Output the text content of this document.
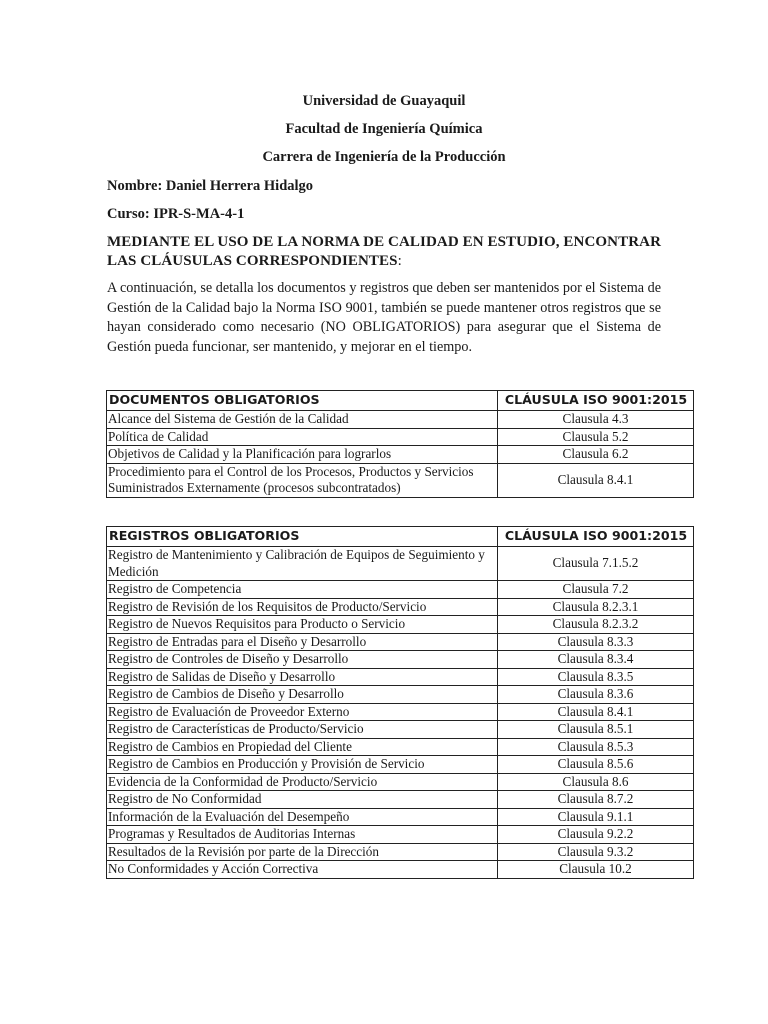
Universidad de Guayaquil
Facultad de Ingeniería Química
Carrera de Ingeniería de la Producción
Nombre: Daniel Herrera Hidalgo
Curso: IPR-S-MA-4-1
MEDIANTE EL USO DE LA NORMA DE CALIDAD EN ESTUDIO, ENCONTRAR LAS CLÁUSULAS CORRESPONDIENTES:
A continuación, se detalla los documentos y registros que deben ser mantenidos por el Sistema de Gestión de la Calidad bajo la Norma ISO 9001, también se puede mantener otros registros que se hayan considerado como necesario (NO OBLIGATORIOS) para asegurar que el Sistema de Gestión pueda funcionar, ser mantenido, y mejorar en el tiempo.
DOCUMENTOS OBLIGATORIOS	CLÁUSULA ISO 9001:2015
Alcance del Sistema de Gestión de la Calidad	Clausula 4.3
Política de Calidad	Clausula 5.2
Objetivos de Calidad y la Planificación para lograrlos	Clausula 6.2
Procedimiento para el Control de los Procesos, Productos y Servicios Suministrados Externamente (procesos subcontratados)	Clausula 8.4.1
REGISTROS OBLIGATORIOS	CLÁUSULA ISO 9001:2015
Registro de Mantenimiento y Calibración de Equipos de Seguimiento y Medición	Clausula 7.1.5.2
Registro de Competencia	Clausula 7.2
Registro de Revisión de los Requisitos de Producto/Servicio	Clausula 8.2.3.1
Registro de Nuevos Requisitos para Producto o Servicio	Clausula 8.2.3.2
Registro de Entradas para el Diseño y Desarrollo	Clausula 8.3.3
Registro de Controles de Diseño y Desarrollo	Clausula 8.3.4
Registro de Salidas de Diseño y Desarrollo	Clausula 8.3.5
Registro de Cambios de Diseño y Desarrollo	Clausula 8.3.6
Registro de Evaluación de Proveedor Externo	Clausula 8.4.1
Registro de Características de Producto/Servicio	Clausula 8.5.1
Registro de Cambios en Propiedad del Cliente	Clausula 8.5.3
Registro de Cambios en Producción y Provisión de Servicio	Clausula 8.5.6
Evidencia de la Conformidad de Producto/Servicio	Clausula 8.6
Registro de No Conformidad	Clausula 8.7.2
Información de la Evaluación del Desempeño	Clausula 9.1.1
Programas y Resultados de Auditorias Internas	Clausula 9.2.2
Resultados de la Revisión por parte de la Dirección	Clausula 9.3.2
No Conformidades y Acción Correctiva	Clausula 10.2
